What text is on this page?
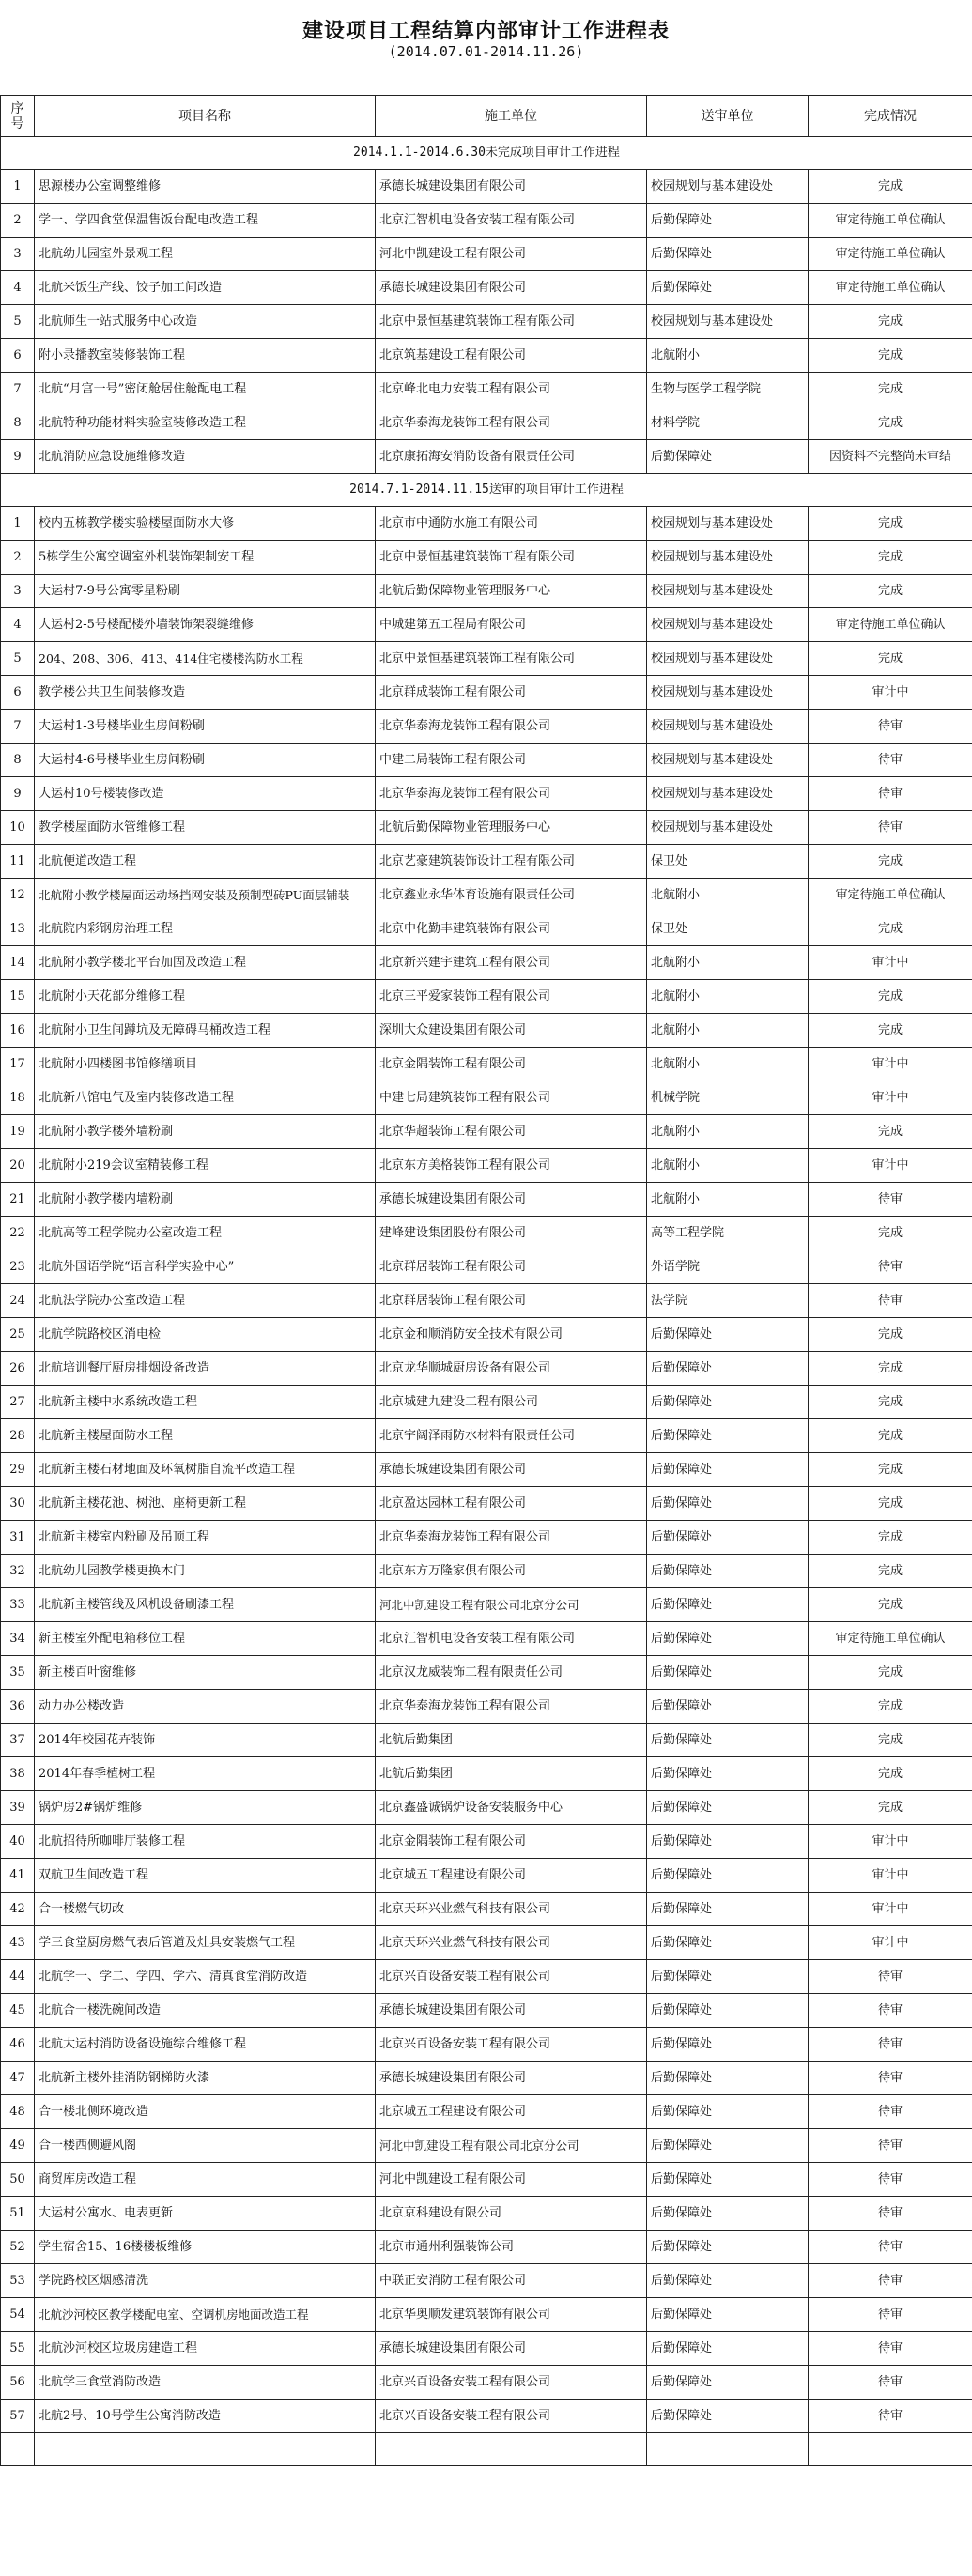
建设项目工程结算内部审计工作进程表
(2014.07.01-2014.11.26)
序号	项目名称	施工单位	送审单位	完成情况
2014.1.1-2014.6.30未完成项目审计工作进程				
1	思源楼办公室调整维修	承德长城建设集团有限公司	校园规划与基本建设处	完成
2	学一、学四食堂保温售饭台配电改造工程	北京汇智机电设备安装工程有限公司	后勤保障处	审定待施工单位确认
3	北航幼儿园室外景观工程	河北中凯建设工程有限公司	后勤保障处	审定待施工单位确认
4	北航米饭生产线、饺子加工间改造	承德长城建设集团有限公司	后勤保障处	审定待施工单位确认
5	北航师生一站式服务中心改造	北京中景恒基建筑装饰工程有限公司	校园规划与基本建设处	完成
6	附小录播教室装修装饰工程	北京筑基建设工程有限公司	北航附小	完成
7	北航“月宫一号”密闭舱居住舱配电工程	北京峰北电力安装工程有限公司	生物与医学工程学院	完成
8	北航特种功能材料实验室装修改造工程	北京华泰海龙装饰工程有限公司	材料学院	完成
9	北航消防应急设施维修改造	北京康拓海安消防设备有限责任公司	后勤保障处	因资料不完整尚未审结
2014.7.1-2014.11.15送审的项目审计工作进程				
1	校内五栋教学楼实验楼屋面防水大修	北京市中通防水施工有限公司	校园规划与基本建设处	完成
2	5栋学生公寓空调室外机装饰架制安工程	北京中景恒基建筑装饰工程有限公司	校园规划与基本建设处	完成
3	大运村7-9号公寓零星粉刷	北航后勤保障物业管理服务中心	校园规划与基本建设处	完成
4	大运村2-5号楼配楼外墙装饰架裂缝维修	中城建第五工程局有限公司	校园规划与基本建设处	审定待施工单位确认
5	204、208、306、413、414住宅楼楼沟防水工程	北京中景恒基建筑装饰工程有限公司	校园规划与基本建设处	完成
6	教学楼公共卫生间装修改造	北京群成装饰工程有限公司	校园规划与基本建设处	审计中
7	大运村1-3号楼毕业生房间粉刷	北京华泰海龙装饰工程有限公司	校园规划与基本建设处	待审
8	大运村4-6号楼毕业生房间粉刷	中建二局装饰工程有限公司	校园规划与基本建设处	待审
9	大运村10号楼装修改造	北京华泰海龙装饰工程有限公司	校园规划与基本建设处	待审
10	教学楼屋面防水管维修工程	北航后勤保障物业管理服务中心	校园规划与基本建设处	待审
11	北航便道改造工程	北京艺豪建筑装饰设计工程有限公司	保卫处	完成
12	北航附小教学楼屋面运动场挡网安装及预制型砖PU面层铺装	北京鑫业永华体育设施有限责任公司	北航附小	审定待施工单位确认
13	北航院内彩钢房治理工程	北京中化勤丰建筑装饰有限公司	保卫处	完成
14	北航附小教学楼北平台加固及改造工程	北京新兴建宇建筑工程有限公司	北航附小	审计中
15	北航附小天花部分维修工程	北京三平爱家装饰工程有限公司	北航附小	完成
16	北航附小卫生间蹲坑及无障碍马桶改造工程	深圳大众建设集团有限公司	北航附小	完成
17	北航附小四楼图书馆修缮项目	北京金隅装饰工程有限公司	北航附小	审计中
18	北航新八馆电气及室内装修改造工程	中建七局建筑装饰工程有限公司	机械学院	审计中
19	北航附小教学楼外墙粉刷	北京华超装饰工程有限公司	北航附小	完成
20	北航附小219会议室精装修工程	北京东方美格装饰工程有限公司	北航附小	审计中
21	北航附小教学楼内墙粉刷	承德长城建设集团有限公司	北航附小	待审
22	北航高等工程学院办公室改造工程	建峰建设集团股份有限公司	高等工程学院	完成
23	北航外国语学院“语言科学实验中心”	北京群居装饰工程有限公司	外语学院	待审
24	北航法学院办公室改造工程	北京群居装饰工程有限公司	法学院	待审
25	北航学院路校区消电检	北京金和顺消防安全技术有限公司	后勤保障处	完成
26	北航培训餐厅厨房排烟设备改造	北京龙华顺城厨房设备有限公司	后勤保障处	完成
27	北航新主楼中水系统改造工程	北京城建九建设工程有限公司	后勤保障处	完成
28	北航新主楼屋面防水工程	北京宇阔泽雨防水材料有限责任公司	后勤保障处	完成
29	北航新主楼石材地面及环氧树脂自流平改造工程	承德长城建设集团有限公司	后勤保障处	完成
30	北航新主楼花池、树池、座椅更新工程	北京盈达园林工程有限公司	后勤保障处	完成
31	北航新主楼室内粉刷及吊顶工程	北京华泰海龙装饰工程有限公司	后勤保障处	完成
32	北航幼儿园教学楼更换木门	北京东方万隆家俱有限公司	后勤保障处	完成
33	北航新主楼管线及风机设备刷漆工程	河北中凯建设工程有限公司北京分公司	后勤保障处	完成
34	新主楼室外配电箱移位工程	北京汇智机电设备安装工程有限公司	后勤保障处	审定待施工单位确认
35	新主楼百叶窗维修	北京汉龙威装饰工程有限责任公司	后勤保障处	完成
36	动力办公楼改造	北京华泰海龙装饰工程有限公司	后勤保障处	完成
37	2014年校园花卉装饰	北航后勤集团	后勤保障处	完成
38	2014年春季植树工程	北航后勤集团	后勤保障处	完成
39	锅炉房2#锅炉维修	北京鑫盛诚锅炉设备安装服务中心	后勤保障处	完成
40	北航招待所咖啡厅装修工程	北京金隅装饰工程有限公司	后勤保障处	审计中
41	双航卫生间改造工程	北京城五工程建设有限公司	后勤保障处	审计中
42	合一楼燃气切改	北京天环兴业燃气科技有限公司	后勤保障处	审计中
43	学三食堂厨房燃气表后管道及灶具安装燃气工程	北京天环兴业燃气科技有限公司	后勤保障处	审计中
44	北航学一、学二、学四、学六、清真食堂消防改造	北京兴百设备安装工程有限公司	后勤保障处	待审
45	北航合一楼洗碗间改造	承德长城建设集团有限公司	后勤保障处	待审
46	北航大运村消防设备设施综合维修工程	北京兴百设备安装工程有限公司	后勤保障处	待审
47	北航新主楼外挂消防钢梯防火漆	承德长城建设集团有限公司	后勤保障处	待审
48	合一楼北侧环境改造	北京城五工程建设有限公司	后勤保障处	待审
49	合一楼西侧避风阁	河北中凯建设工程有限公司北京分公司	后勤保障处	待审
50	商贸库房改造工程	河北中凯建设工程有限公司	后勤保障处	待审
51	大运村公寓水、电表更新	北京京科建设有限公司	后勤保障处	待审
52	学生宿舍15、16楼楼板维修	北京市通州利强装饰公司	后勤保障处	待审
53	学院路校区烟感清洗	中联正安消防工程有限公司	后勤保障处	待审
54	北航沙河校区教学楼配电室、空调机房地面改造工程	北京华奥顺发建筑装饰有限公司	后勤保障处	待审
55	北航沙河校区垃圾房建造工程	承德长城建设集团有限公司	后勤保障处	待审
56	北航学三食堂消防改造	北京兴百设备安装工程有限公司	后勤保障处	待审
57	北航2号、10号学生公寓消防改造	北京兴百设备安装工程有限公司	后勤保障处	待审
